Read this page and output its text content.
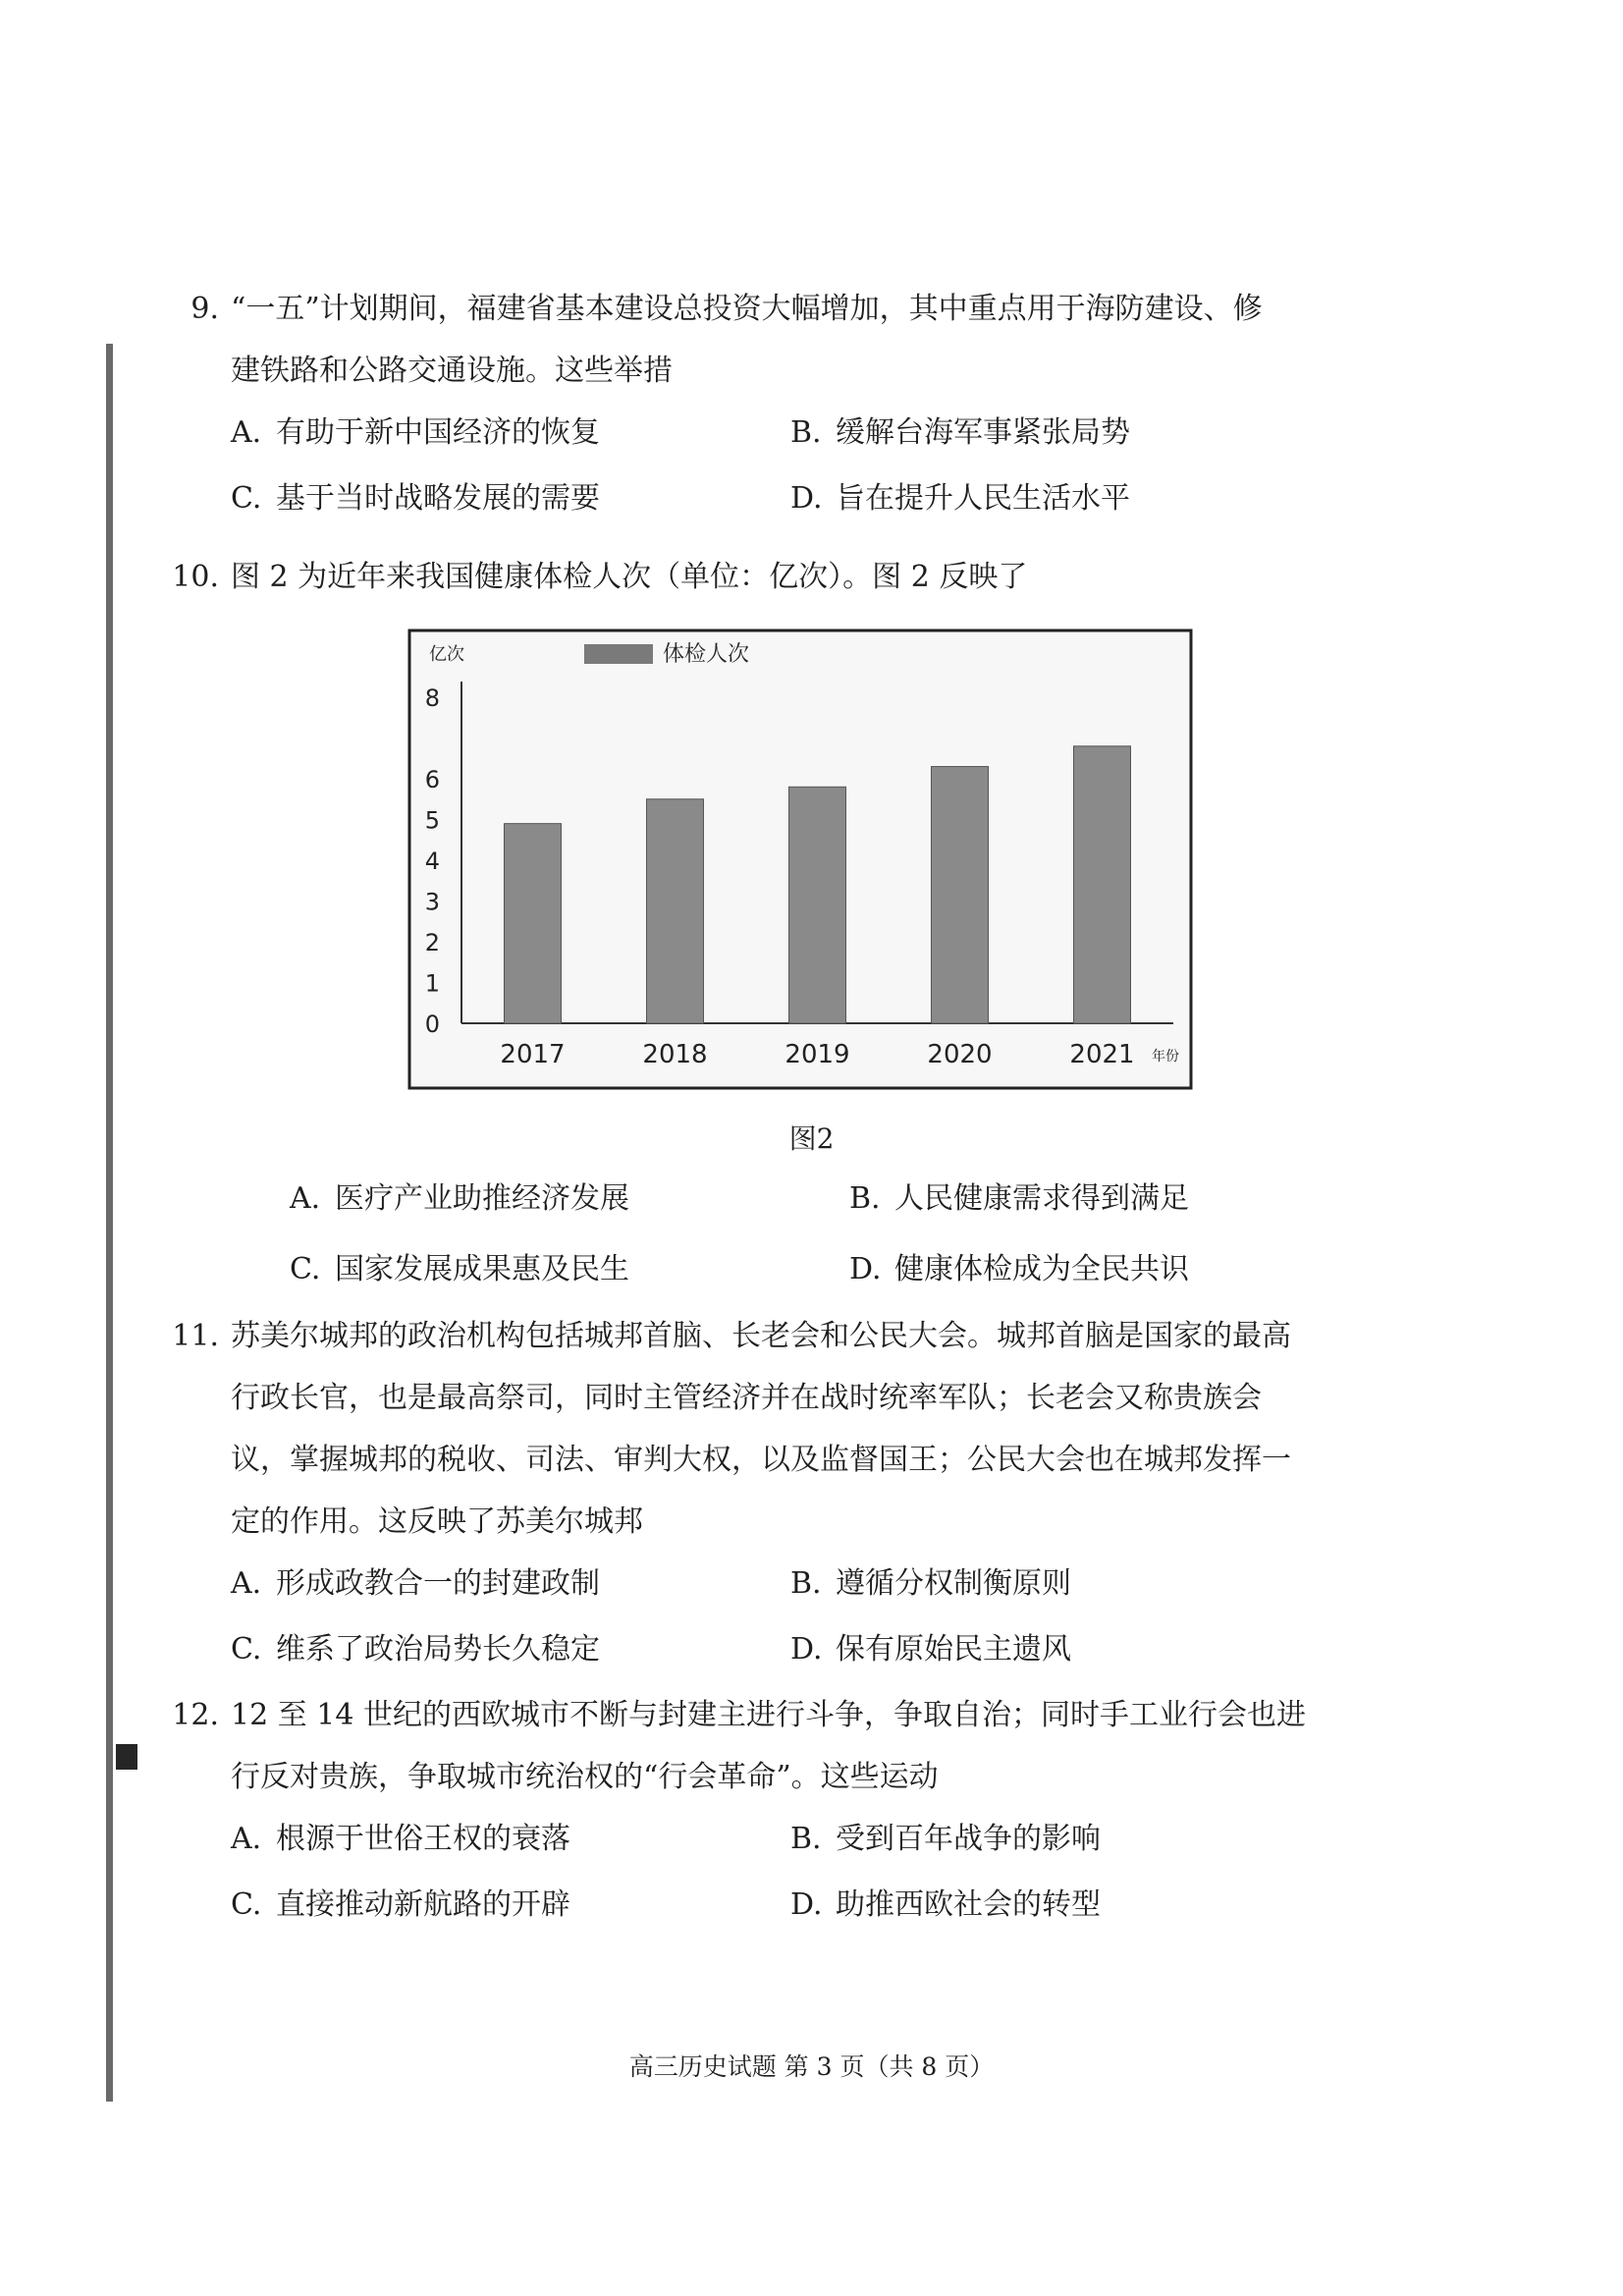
9. “一五”计划期间，福建省基本建设总投资大幅增加，其中重点用于海防建设、修
建铁路和公路交通设施。这些举措
A. 有助于新中国经济的恢复	B. 缓解台海军事紧张局势
C. 基于当时战略发展的需要	D. 旨在提升人民生活水平
10. 图 2 为近年来我国健康体检人次（单位：亿次）。图 2 反映了
亿次	体检人次
年份
0
1
2
3
4
5
6
8
2017	2018	2019	2020	2021
图2
A. 医疗产业助推经济发展	B. 人民健康需求得到满足
C. 国家发展成果惠及民生	D. 健康体检成为全民共识
11. 苏美尔城邦的政治机构包括城邦首脑、长老会和公民大会。城邦首脑是国家的最高
行政长官，也是最高祭司，同时主管经济并在战时统率军队；长老会又称贵族会
议，掌握城邦的税收、司法、审判大权，以及监督国王；公民大会也在城邦发挥一
定的作用。这反映了苏美尔城邦
A. 形成政教合一的封建政制	B. 遵循分权制衡原则
C. 维系了政治局势长久稳定	D. 保有原始民主遗风
12. 12 至 14 世纪的西欧城市不断与封建主进行斗争，争取自治；同时手工业行会也进
行反对贵族，争取城市统治权的“行会革命”。这些运动
A. 根源于世俗王权的衰落	B. 受到百年战争的影响
C. 直接推动新航路的开辟	D. 助推西欧社会的转型
高三历史试题 第 3 页（共 8 页）
